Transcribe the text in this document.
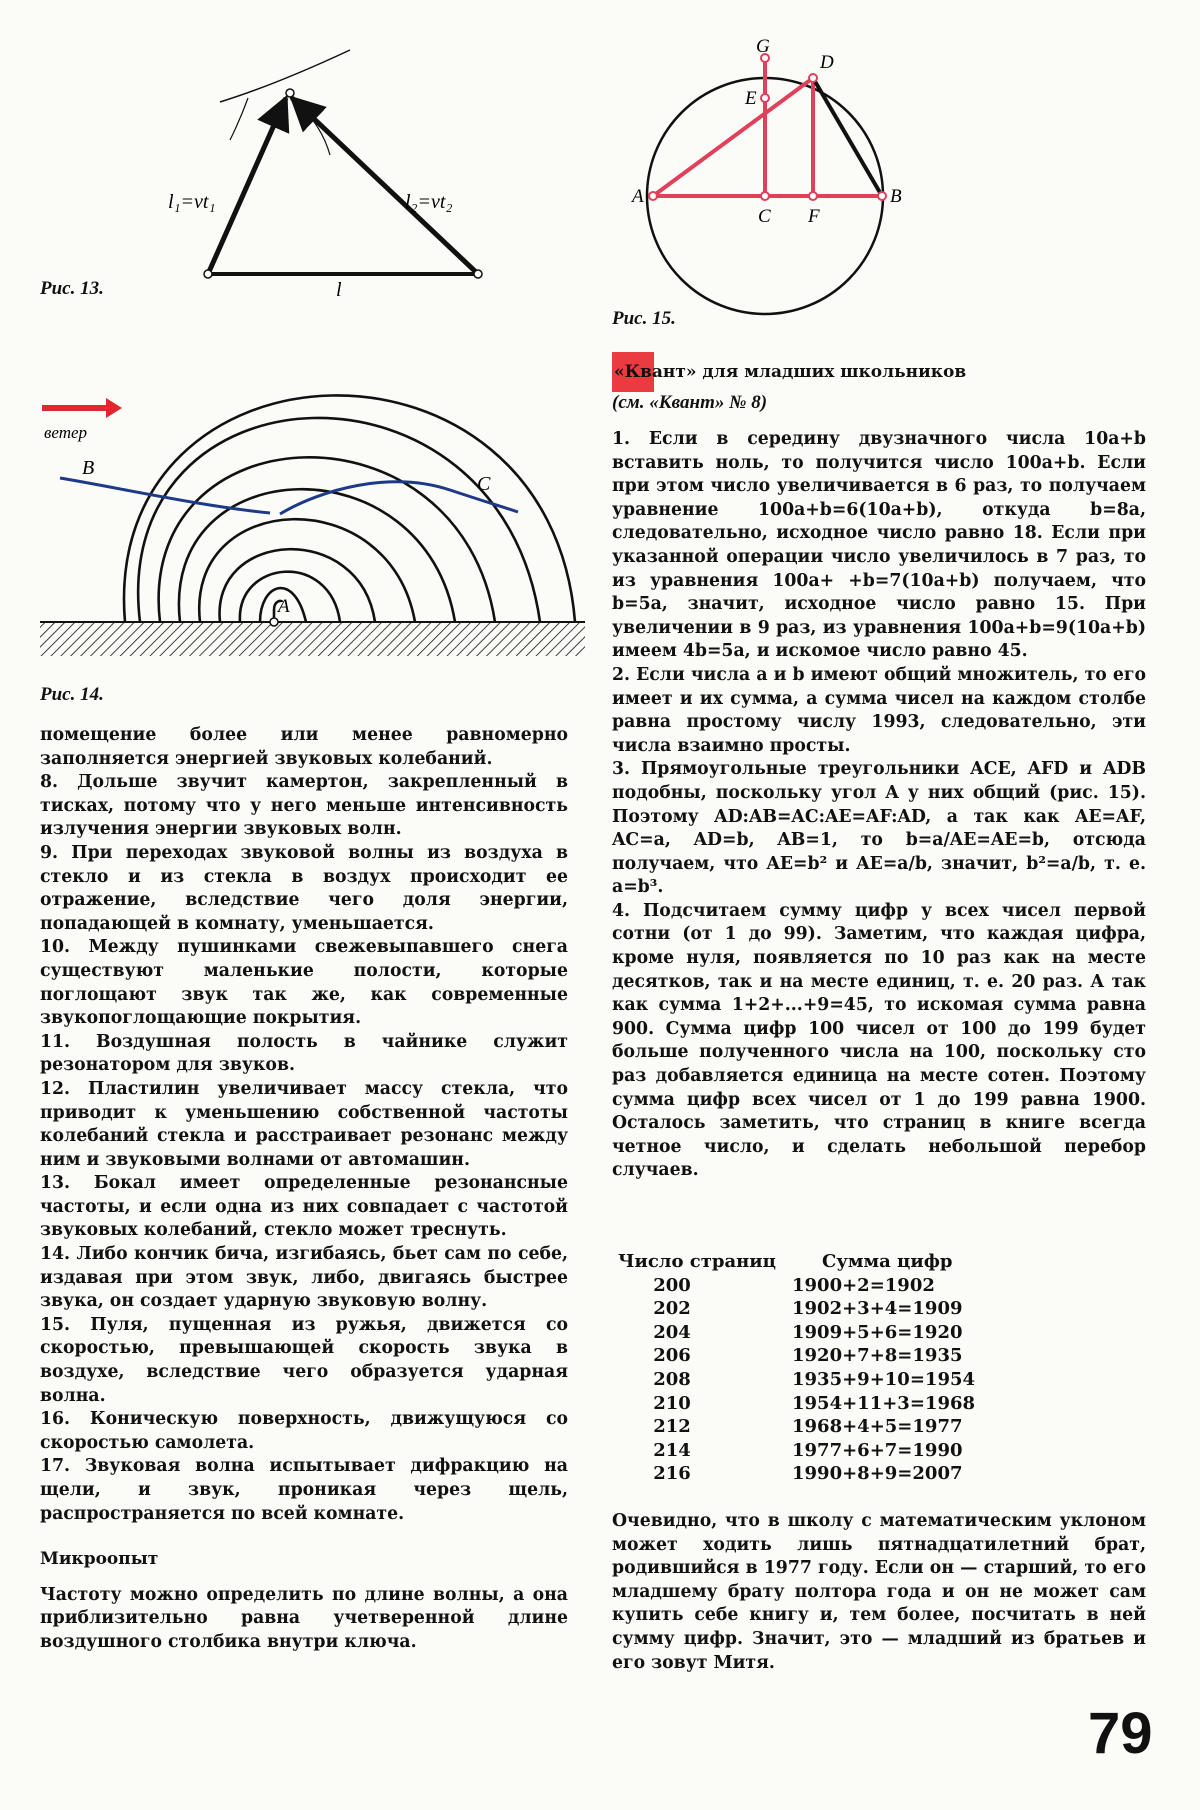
l₁=vt₁	l₂=vt₂
l
Рис. 13.
G
D
E
A	B
C F
Рис. 15.
ветер
B
C
A
Рис. 14.

помещение более или менее равномерно заполняется энергией звуковых колебаний.

8. Дольше звучит камертон, закрепленный в тисках, потому что у него меньше интенсивность излучения энергии звуковых волн.

9. При переходах звуковой волны из воздуха в стекло и из стекла в воздух происходит ее отражение, вследствие чего доля энергии, попадающей в комнату, уменьшается.

10. Между пушинками свежевыпавшего снега существуют маленькие полости, которые поглощают звук так же, как современные звукопоглощающие покрытия.

11. Воздушная полость в чайнике служит резонатором для звуков.

12. Пластилин увеличивает массу стекла, что приводит к уменьшению собственной частоты колебаний стекла и расстраивает резонанс между ним и звуковыми волнами от автомашин.

13. Бокал имеет определенные резонансные частоты, и если одна из них совпадает с частотой звуковых колебаний, стекло может треснуть.

14. Либо кончик бича, изгибаясь, бьет сам по себе, издавая при этом звук, либо, двигаясь быстрее звука, он создает ударную звуковую волну.

15. Пуля, пущенная из ружья, движется со скоростью, превышающей скорость звука в воздухе, вследствие чего образуется ударная волна.

16. Коническую поверхность, движущуюся со скоростью самолета.

17. Звуковая волна испытывает дифракцию на щели, и звук, проникая через щель, распространяется по всей комнате.

Микроопыт

Частоту можно определить по длине волны, а она приблизительно равна учетверенной длине воздушного столбика внутри ключа.

«Квант» для младших школьников
(см. «Квант» № 8)

1. Если в середину двузначного числа 10a+b вставить ноль, то получится число 100a+b. Если при этом число увеличивается в 6 раз, то получаем уравнение 100a+b=6(10a+b), откуда b=8a, следовательно, исходное число равно 18. Если при указанной операции число увеличилось в 7 раз, то из уравнения 100a+ +b=7(10a+b) получаем, что b=5a, значит, исходное число равно 15. При увеличении в 9 раз, из уравнения 100a+b=9(10a+b) имеем 4b=5a, и искомое число равно 45.

2. Если числа a и b имеют общий множитель, то его имеет и их сумма, а сумма чисел на каждом столбе равна простому числу 1993, следовательно, эти числа взаимно просты.

3. Прямоугольные треугольники ACE, AFD и ADB подобны, поскольку угол A у них общий (рис. 15). Поэтому AD:AB=AC:AE=AF:AD, а так как AE=AF, AC=a, AD=b, AB=1, то b=a/AE=AE=b, отсюда получаем, что AE=b² и AE=a/b, значит, b²=a/b, т. е. a=b³.

4. Подсчитаем сумму цифр у всех чисел первой сотни (от 1 до 99). Заметим, что каждая цифра, кроме нуля, появляется по 10 раз как на месте десятков, так и на месте единиц, т. е. 20 раз. А так как сумма 1+2+...+9=45, то искомая сумма равна 900. Сумма цифр 100 чисел от 100 до 199 будет больше полученного числа на 100, поскольку сто раз добавляется единица на месте сотен. Поэтому сумма цифр всех чисел от 1 до 199 равна 1900. Осталось заметить, что страниц в книге всегда четное число, и сделать небольшой перебор случаев.

Число страниц	Сумма цифр
200	1900+2=1902
202	1902+3+4=1909
204	1909+5+6=1920
206	1920+7+8=1935
208	1935+9+10=1954
210	1954+11+3=1968
212	1968+4+5=1977
214	1977+6+7=1990
216	1990+8+9=2007

Очевидно, что в школу с математическим уклоном может ходить лишь пятнадцатилетний брат, родившийся в 1977 году. Если он — старший, то его младшему брату полтора года и он не может сам купить себе книгу и, тем более, посчитать в ней сумму цифр. Значит, это — младший из братьев и его зовут Митя.

79
